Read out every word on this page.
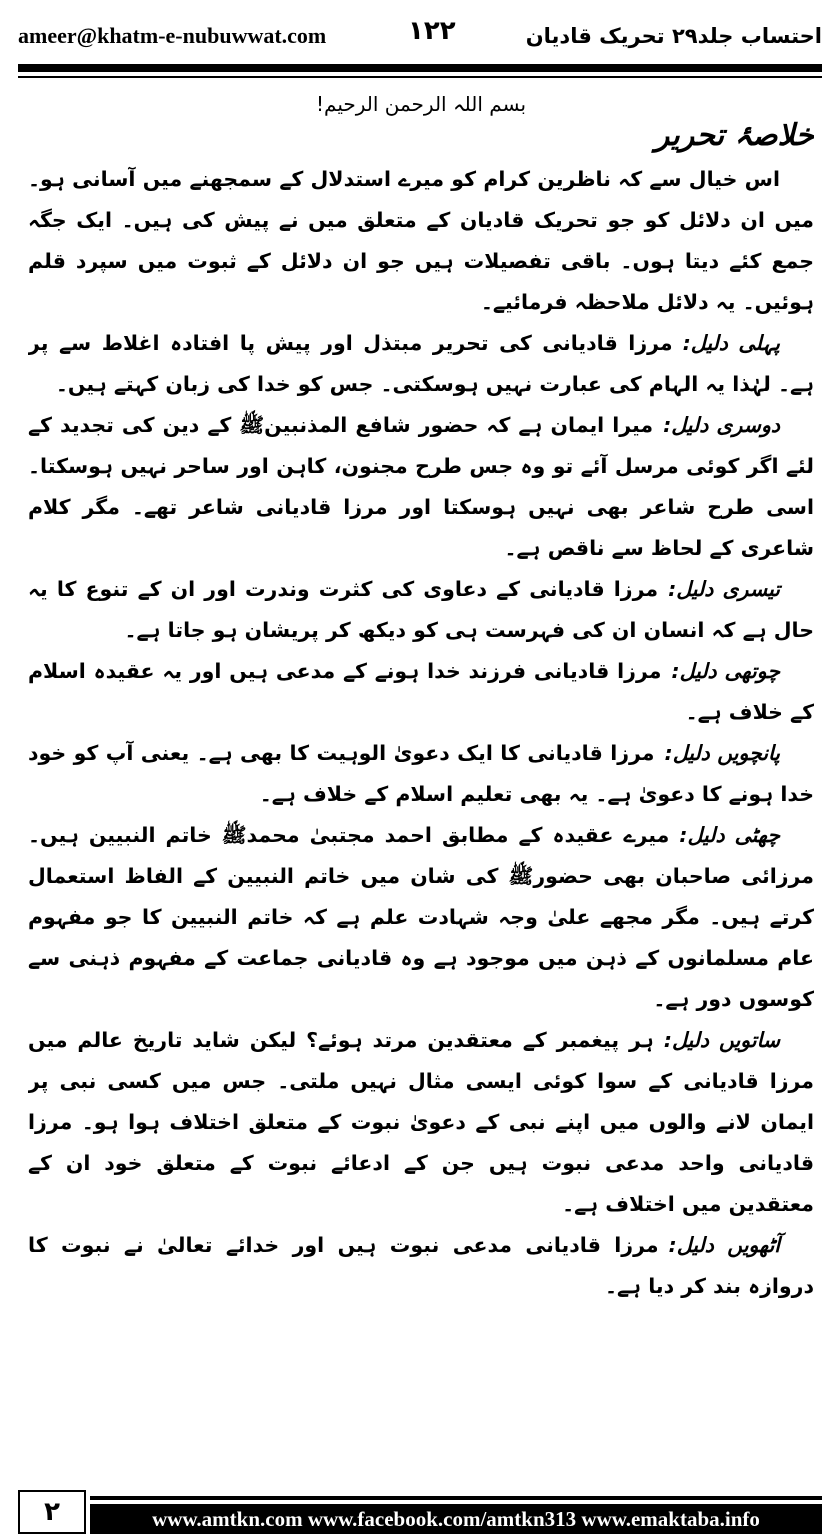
ameer@khatm-e-nubuwwat.com	۱۲۲	احتساب جلد۲۹ تحریک قادیان
بسم اللہ الرحمن الرحیم!
خلاصۂ تحریر

اس خیال سے کہ ناظرین کرام کو میرے استدلال کے سمجھنے میں آسانی ہو۔ میں ان دلائل کو جو تحریک قادیان کے متعلق میں نے پیش کی ہیں۔ ایک جگہ جمع کئے دیتا ہوں۔ باقی تفصیلات ہیں جو ان دلائل کے ثبوت میں سپرد قلم ہوئیں۔ یہ دلائل ملاحظہ فرمائیے۔

پہلی دلیل:مرزا قادیانی کی تحریر مبتذل اور پیش پا افتادہ اغلاط سے پر ہے۔ لہٰذا یہ الہام کی عبارت نہیں ہوسکتی۔ جس کو خدا کی زبان کہتے ہیں۔

دوسری دلیل:میرا ایمان ہے کہ حضور شافع المذنبینﷺ کے دین کی تجدید کے لئے اگر کوئی مرسل آئے تو وہ جس طرح مجنون، کاہن اور ساحر نہیں ہوسکتا۔ اسی طرح شاعر بھی نہیں ہوسکتا اور مرزا قادیانی شاعر تھے۔ مگر کلام شاعری کے لحاظ سے ناقص ہے۔

تیسری دلیل:مرزا قادیانی کے دعاوی کی کثرت وندرت اور ان کے تنوع کا یہ حال ہے کہ انسان ان کی فہرست ہی کو دیکھ کر پریشان ہو جاتا ہے۔

چوتھی دلیل:مرزا قادیانی فرزند خدا ہونے کے مدعی ہیں اور یہ عقیدہ اسلام کے خلاف ہے۔

پانچویں دلیل:مرزا قادیانی کا ایک دعویٰ الوہیت کا بھی ہے۔ یعنی آپ کو خود خدا ہونے کا دعویٰ ہے۔ یہ بھی تعلیم اسلام کے خلاف ہے۔

چھٹی دلیل:میرے عقیدہ کے مطابق احمد مجتبیٰ محمدﷺ خاتم النبیین ہیں۔ مرزائی صاحبان بھی حضورﷺ کی شان میں خاتم النبیین کے الفاظ استعمال کرتے ہیں۔ مگر مجھے علیٰ وجہ شہادت علم ہے کہ خاتم النبیین کا جو مفہوم عام مسلمانوں کے ذہن میں موجود ہے وہ قادیانی جماعت کے مفہوم ذہنی سے کوسوں دور ہے۔

ساتویں دلیل:ہر پیغمبر کے معتقدین مرتد ہوئے؟ لیکن شاید تاریخ عالم میں مرزا قادیانی کے سوا کوئی ایسی مثال نہیں ملتی۔ جس میں کسی نبی پر ایمان لانے والوں میں اپنے نبی کے دعویٰ نبوت کے متعلق اختلاف ہوا ہو۔ مرزا قادیانی واحد مدعی نبوت ہیں جن کے ادعائے نبوت کے متعلق خود ان کے معتقدین میں اختلاف ہے۔

آٹھویں دلیل:مرزا قادیانی مدعی نبوت ہیں اور خدائے تعالیٰ نے نبوت کا دروازہ بند کر دیا ہے۔

۲	www.amtkn.com www.facebook.com/amtkn313 www.emaktaba.info
